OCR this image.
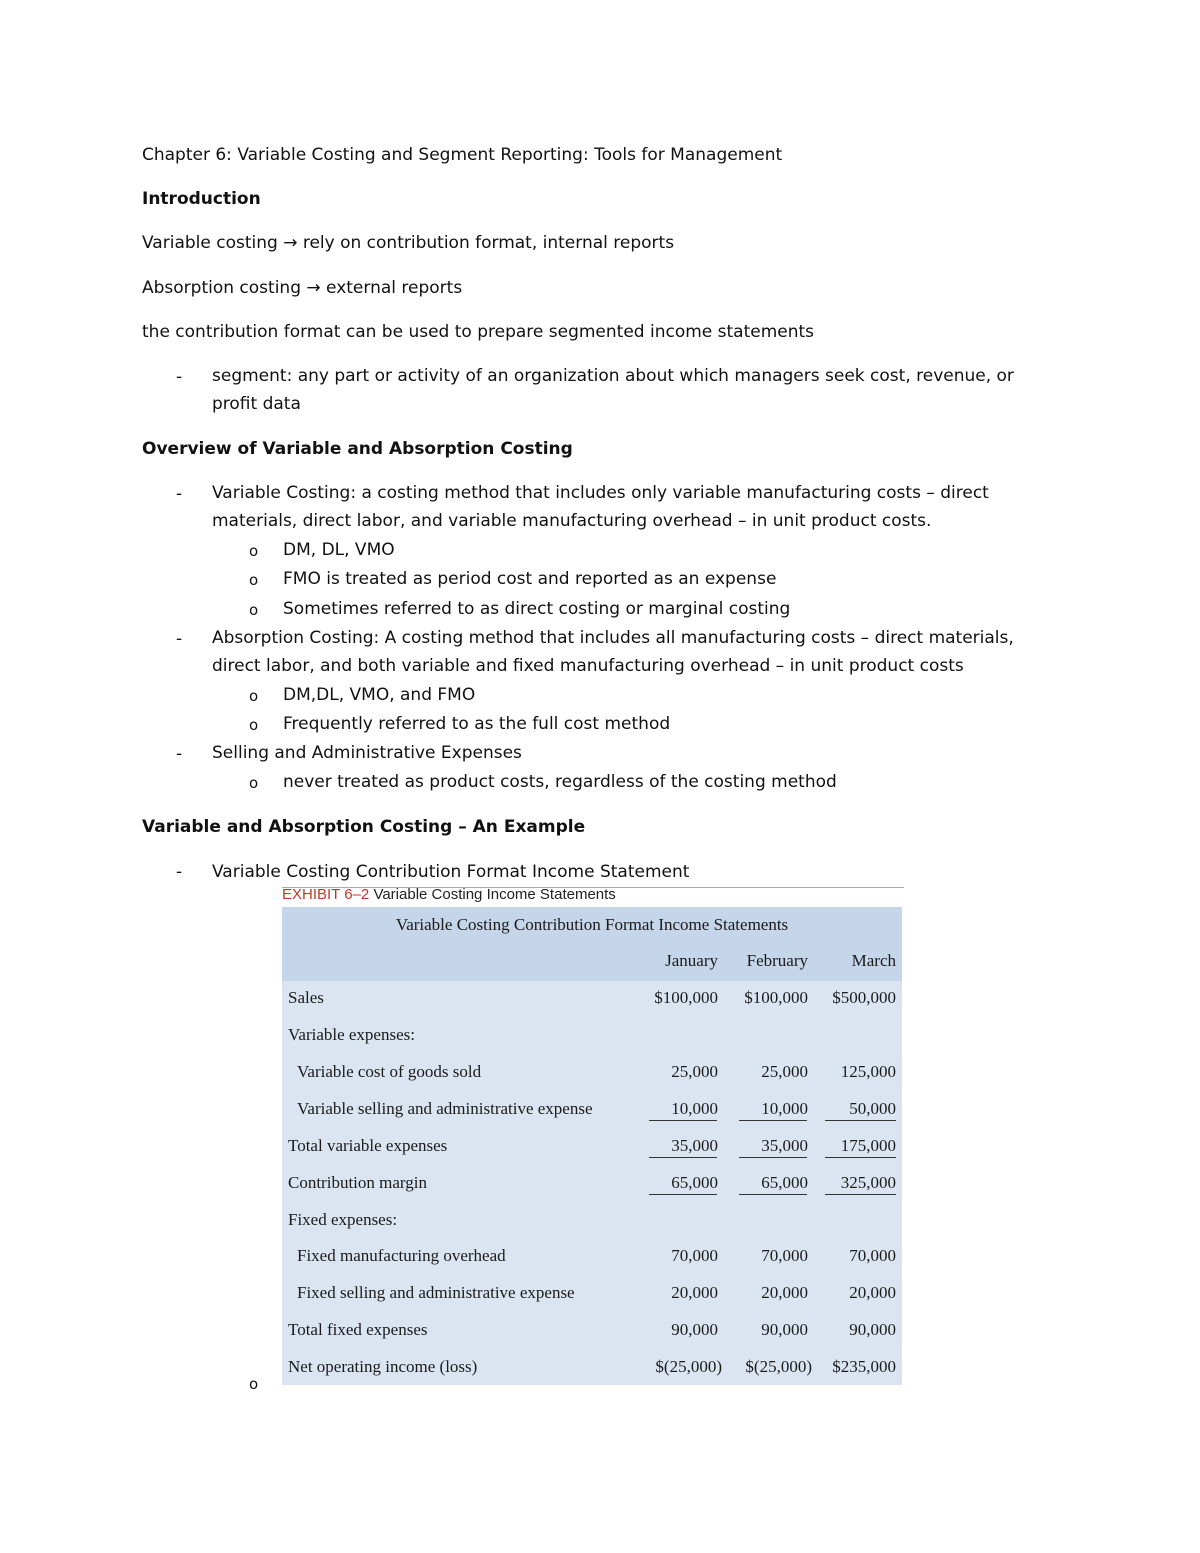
Chapter 6: Variable Costing and Segment Reporting: Tools for Management
Introduction
Variable costing → rely on contribution format, internal reports
Absorption costing → external reports
the contribution format can be used to prepare segmented income statements
- segment: any part or activity of an organization about which managers seek cost, revenue, or profit data
Overview of Variable and Absorption Costing
- Variable Costing: a costing method that includes only variable manufacturing costs – direct materials, direct labor, and variable manufacturing overhead – in unit product costs.
o DM, DL, VMO
o FMO is treated as period cost and reported as an expense
o Sometimes referred to as direct costing or marginal costing
- Absorption Costing: A costing method that includes all manufacturing costs – direct materials, direct labor, and both variable and fixed manufacturing overhead – in unit product costs
o DM,DL, VMO, and FMO
o Frequently referred to as the full cost method
- Selling and Administrative Expenses
o never treated as product costs, regardless of the costing method
Variable and Absorption Costing – An Example
- Variable Costing Contribution Format Income Statement
EXHIBIT 6–2 Variable Costing Income Statements
Variable Costing Contribution Format Income Statements
January	February	March
Sales	$100,000	$100,000	$500,000
Variable expenses:
Variable cost of goods sold	25,000	25,000	125,000
Variable selling and administrative expense	10,000	10,000	50,000
Total variable expenses	35,000	35,000	175,000
Contribution margin	65,000	65,000	325,000
Fixed expenses:
Fixed manufacturing overhead	70,000	70,000	70,000
Fixed selling and administrative expense	20,000	20,000	20,000
Total fixed expenses	90,000	90,000	90,000
Net operating income (loss)	$(25,000)	$(25,000)	$235,000
o
